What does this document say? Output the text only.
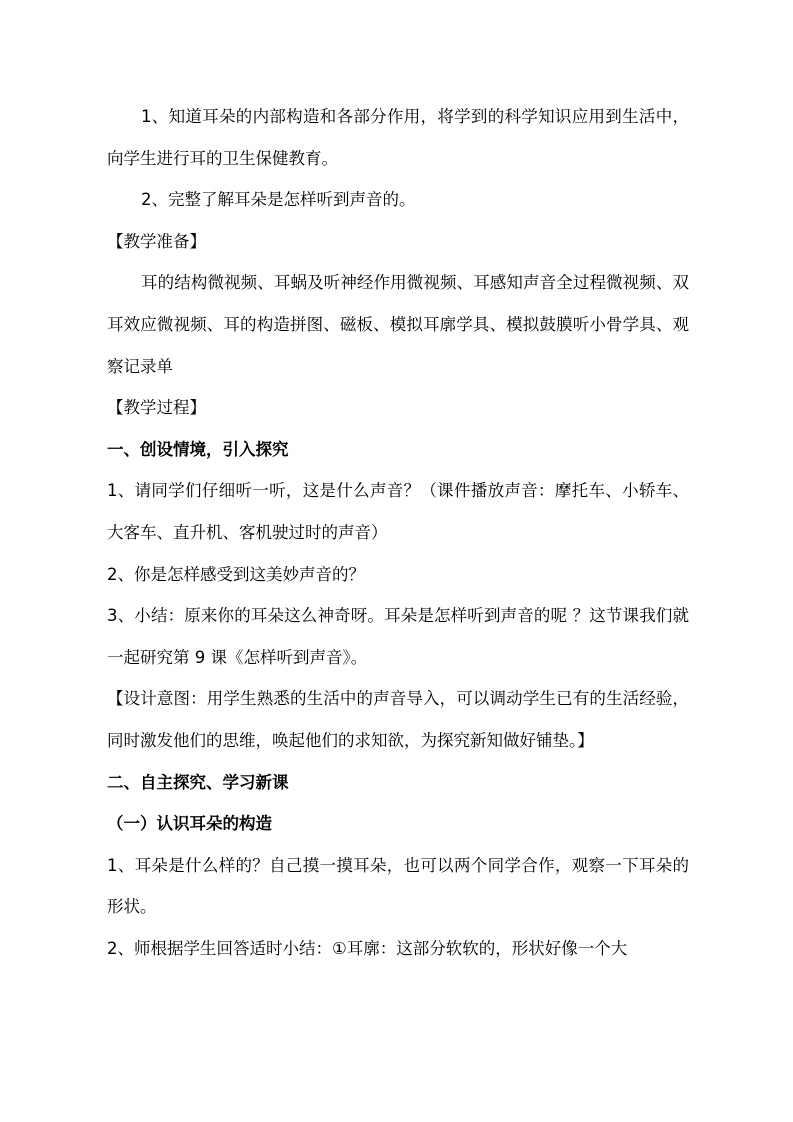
1、知道耳朵的内部构造和各部分作用，将学到的科学知识应用到生活中，向学生进行耳的卫生保健教育。

2、完整了解耳朵是怎样听到声音的。

【教学准备】

耳的结构微视频、耳蜗及听神经作用微视频、耳感知声音全过程微视频、双耳效应微视频、耳的构造拼图、磁板、模拟耳廓学具、模拟鼓膜听小骨学具、观察记录单

【教学过程】

一、创设情境，引入探究

1、请同学们仔细听一听，这是什么声音？（课件播放声音：摩托车、小轿车、大客车、直升机、客机驶过时的声音）

2、你是怎样感受到这美妙声音的？

3、小结：原来你的耳朵这么神奇呀。耳朵是怎样听到声音的呢 ？这节课我们就一起研究第 9 课《怎样听到声音》。

【设计意图：用学生熟悉的生活中的声音导入，可以调动学生已有的生活经验，同时激发他们的思维，唤起他们的求知欲，为探究新知做好铺垫。】

二、自主探究、学习新课

（一）认识耳朵的构造

1、耳朵是什么样的？自己摸一摸耳朵，也可以两个同学合作，观察一下耳朵的形状。

2、师根据学生回答适时小结：①耳廓：这部分软软的，形状好像一个大
